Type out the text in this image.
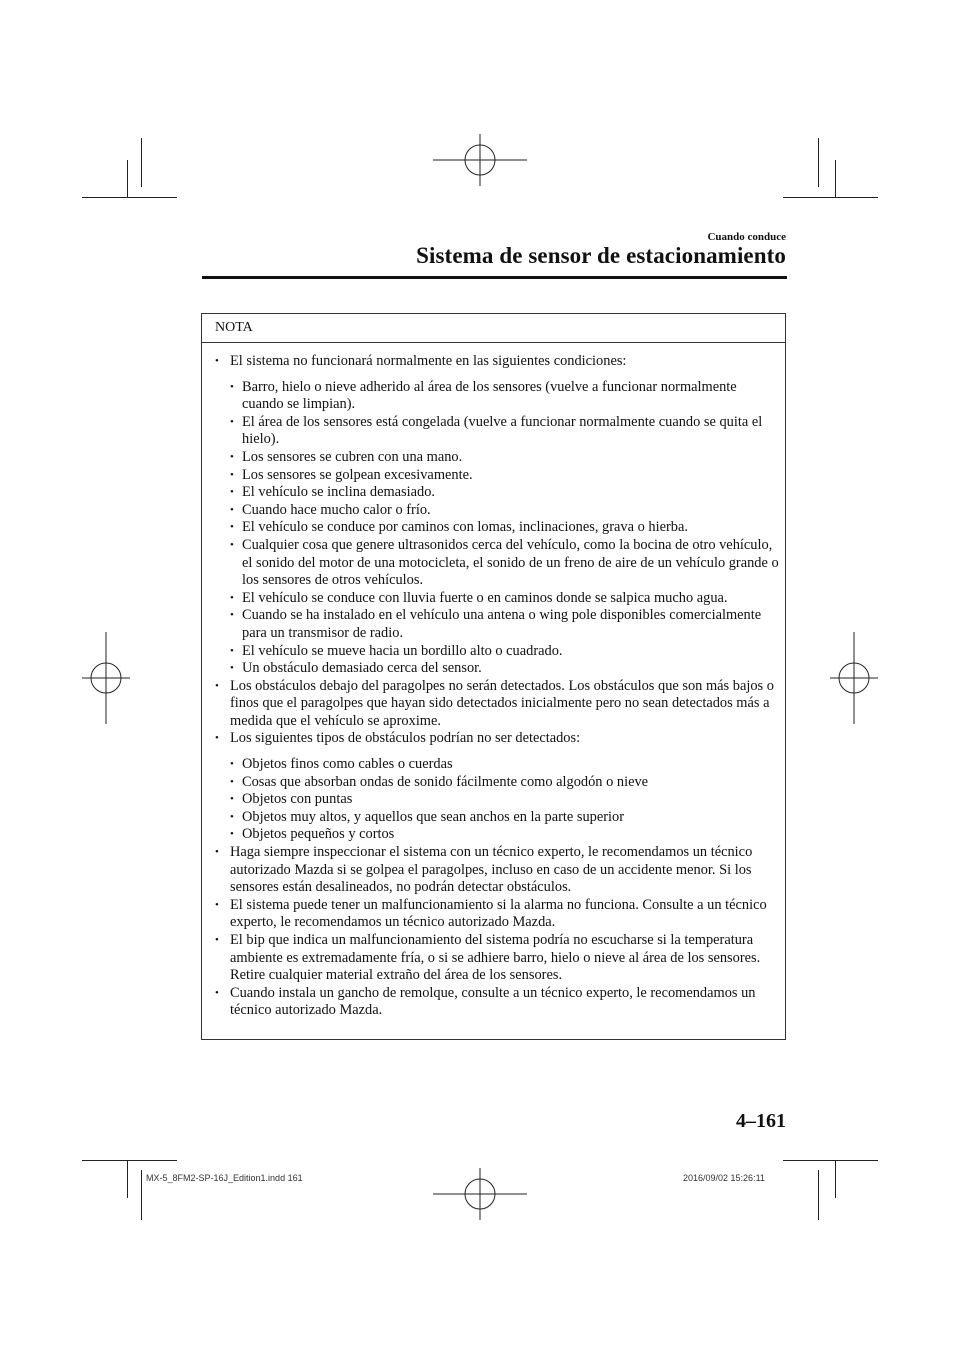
Cuando conduce
Sistema de sensor de estacionamiento
NOTA
• El sistema no funcionará normalmente en las siguientes condiciones:
• Barro, hielo o nieve adherido al área de los sensores (vuelve a funcionar normalmente cuando se limpian).
• El área de los sensores está congelada (vuelve a funcionar normalmente cuando se quita el hielo).
• Los sensores se cubren con una mano.
• Los sensores se golpean excesivamente.
• El vehículo se inclina demasiado.
• Cuando hace mucho calor o frío.
• El vehículo se conduce por caminos con lomas, inclinaciones, grava o hierba.
• Cualquier cosa que genere ultrasonidos cerca del vehículo, como la bocina de otro vehículo, el sonido del motor de una motocicleta, el sonido de un freno de aire de un vehículo grande o los sensores de otros vehículos.
• El vehículo se conduce con lluvia fuerte o en caminos donde se salpica mucho agua.
• Cuando se ha instalado en el vehículo una antena o wing pole disponibles comercialmente para un transmisor de radio.
• El vehículo se mueve hacia un bordillo alto o cuadrado.
• Un obstáculo demasiado cerca del sensor.
• Los obstáculos debajo del paragolpes no serán detectados. Los obstáculos que son más bajos o finos que el paragolpes que hayan sido detectados inicialmente pero no sean detectados más a medida que el vehículo se aproxime.
• Los siguientes tipos de obstáculos podrían no ser detectados:
• Objetos finos como cables o cuerdas
• Cosas que absorban ondas de sonido fácilmente como algodón o nieve
• Objetos con puntas
• Objetos muy altos, y aquellos que sean anchos en la parte superior
• Objetos pequeños y cortos
• Haga siempre inspeccionar el sistema con un técnico experto, le recomendamos un técnico autorizado Mazda si se golpea el paragolpes, incluso en caso de un accidente menor. Si los sensores están desalineados, no podrán detectar obstáculos.
• El sistema puede tener un malfuncionamiento si la alarma no funciona. Consulte a un técnico experto, le recomendamos un técnico autorizado Mazda.
• El bip que indica un malfuncionamiento del sistema podría no escucharse si la temperatura ambiente es extremadamente fría, o si se adhiere barro, hielo o nieve al área de los sensores. Retire cualquier material extraño del área de los sensores.
• Cuando instala un gancho de remolque, consulte a un técnico experto, le recomendamos un técnico autorizado Mazda.
4–161
MX-5_8FM2-SP-16J_Edition1.indd 161	2016/09/02 15:26:11
